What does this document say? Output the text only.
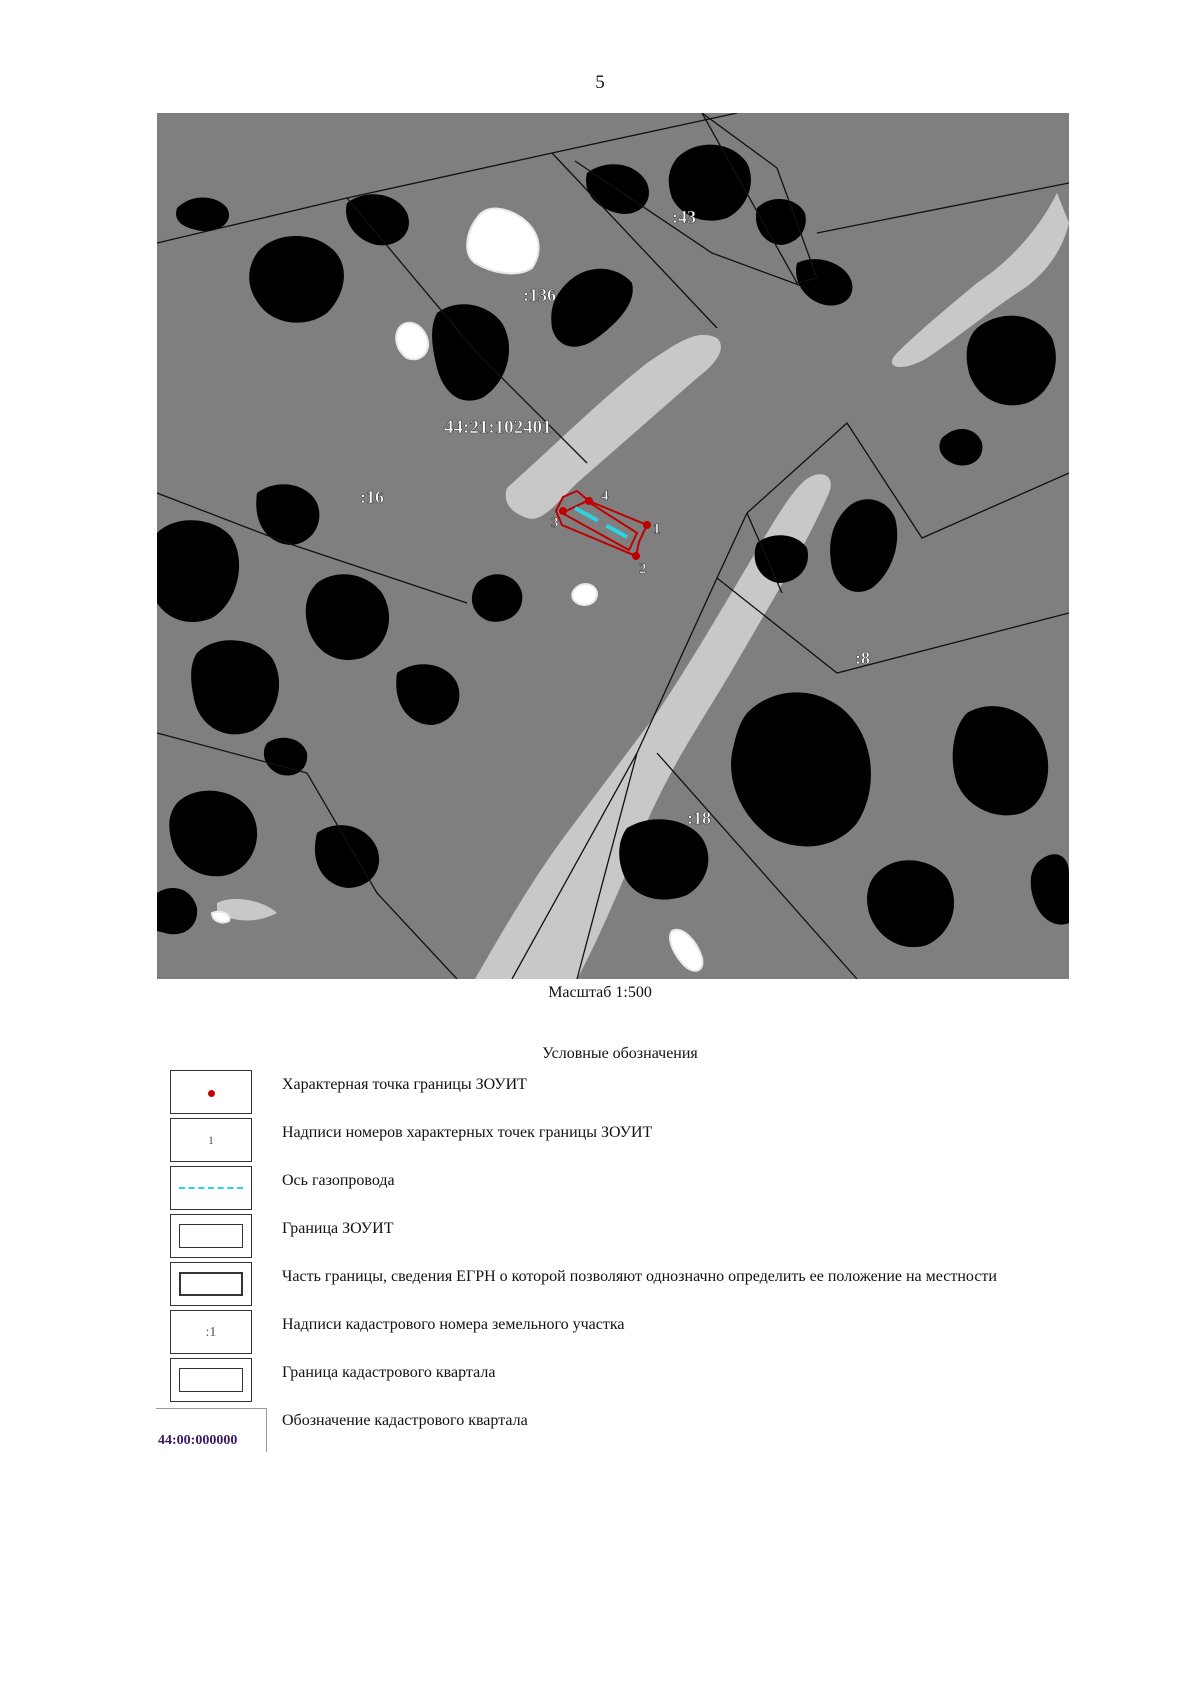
5
:43
:136
44:21:102401
:16
:8
:18
1
2
3
4
Масштаб 1:500
Условные обозначения
Характерная точка границы ЗОУИТ
1	Надписи номеров характерных точек границы ЗОУИТ
Ось газопровода
Граница ЗОУИТ
Часть границы, сведения ЕГРН о которой позволяют однозначно определить ее положение на местности
:1	Надписи кадастрового номера земельного участка
Граница кадастрового квартала
44:00:000000
Обозначение кадастрового квартала
